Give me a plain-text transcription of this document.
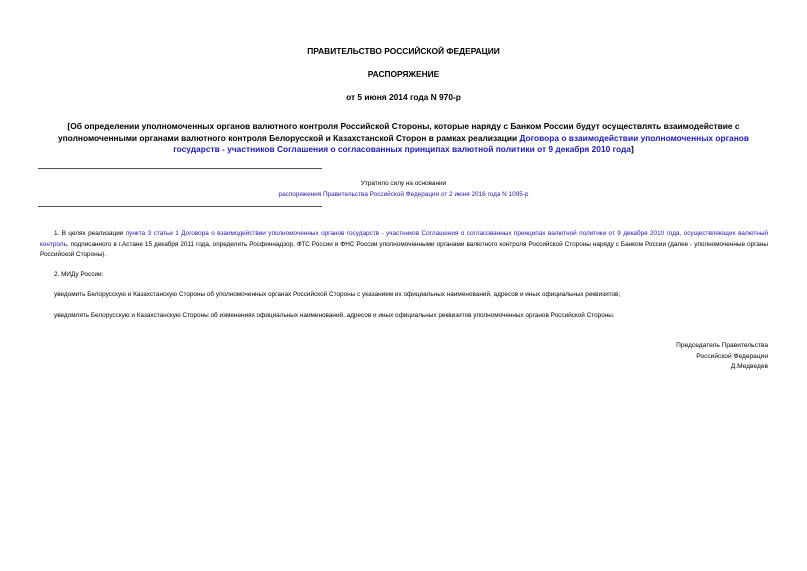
ПРАВИТЕЛЬСТВО РОССИЙСКОЙ ФЕДЕРАЦИИ
РАСПОРЯЖЕНИЕ
от 5 июня 2014 года N 970-р
[Об определении уполномоченных органов валютного контроля Российской Стороны, которые наряду с Банком России будут осуществлять взаимодействие с уполномоченными органами валютного контроля Белорусской и Казахстанской Сторон в рамках реализации Договора о взаимодействии уполномоченных органов государств - участников Соглашения о согласованных принципах валютной политики от 9 декабря 2010 года]
Утратило силу на основании
распоряжения Правительства Российской Федерации от 2 июня 2016 года N 1095-р
1. В целях реализации пункта 3 статьи 1 Договора о взаимодействии уполномоченных органов государств - участников Соглашения о согласованных принципах валютной политики от 9 декабря 2010 года, осуществляющих валютный контроль, подписанного в г.Астане 15 декабря 2011 года, определить Росфиннадзор, ФТС России и ФНС России уполномоченными органами валютного контроля Российской Стороны наряду с Банком России (далее - уполномоченные органы Российской Стороны).
2. МИДу России:
уведомить Белорусскую и Казахстанскую Стороны об уполномоченных органах Российской Стороны с указанием их официальных наименований, адресов и иных официальных реквизитов;
уведомлять Белорусскую и Казахстанскую Стороны об изменениях официальных наименований, адресов и иных официальных реквизитов уполномоченных органов Российской Стороны.
Председатель Правительства
Российской Федерации
Д.Медведев
